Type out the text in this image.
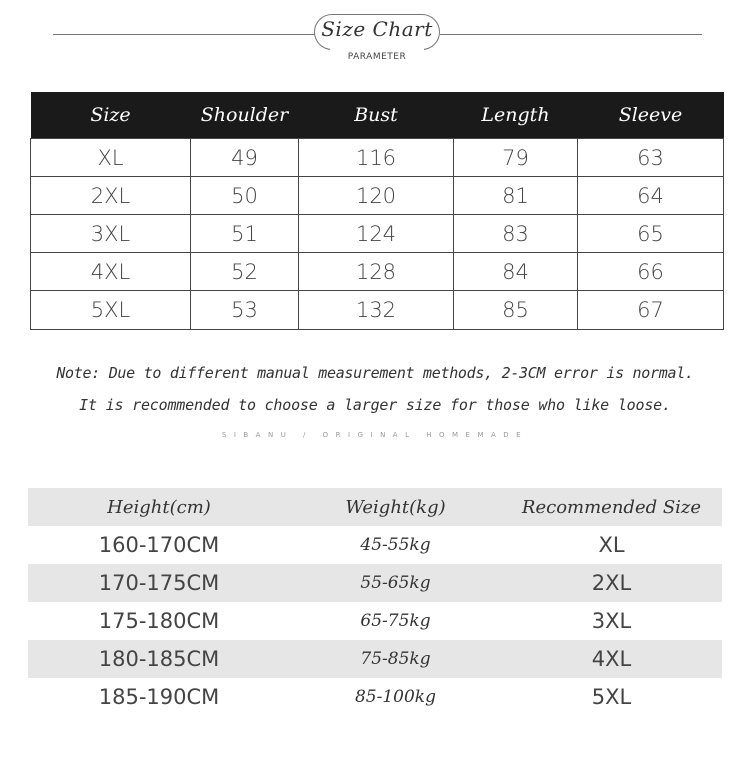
Size Chart
PARAMETER
Size	Shoulder	Bust	Length	Sleeve
XL	49	116	79	63
2XL	50	120	81	64
3XL	51	124	83	65
4XL	52	128	84	66
5XL	53	132	85	67
Note: Due to different manual measurement methods, 2-3CM error is normal.
It is recommended to choose a larger size for those who like loose.
SIBANU / ORIGINAL HOMEMADE
Height(cm)	Weight(kg)	Recommended Size
160-170CM	45-55kg	XL
170-175CM	55-65kg	2XL
175-180CM	65-75kg	3XL
180-185CM	75-85kg	4XL
185-190CM	85-100kg	5XL
